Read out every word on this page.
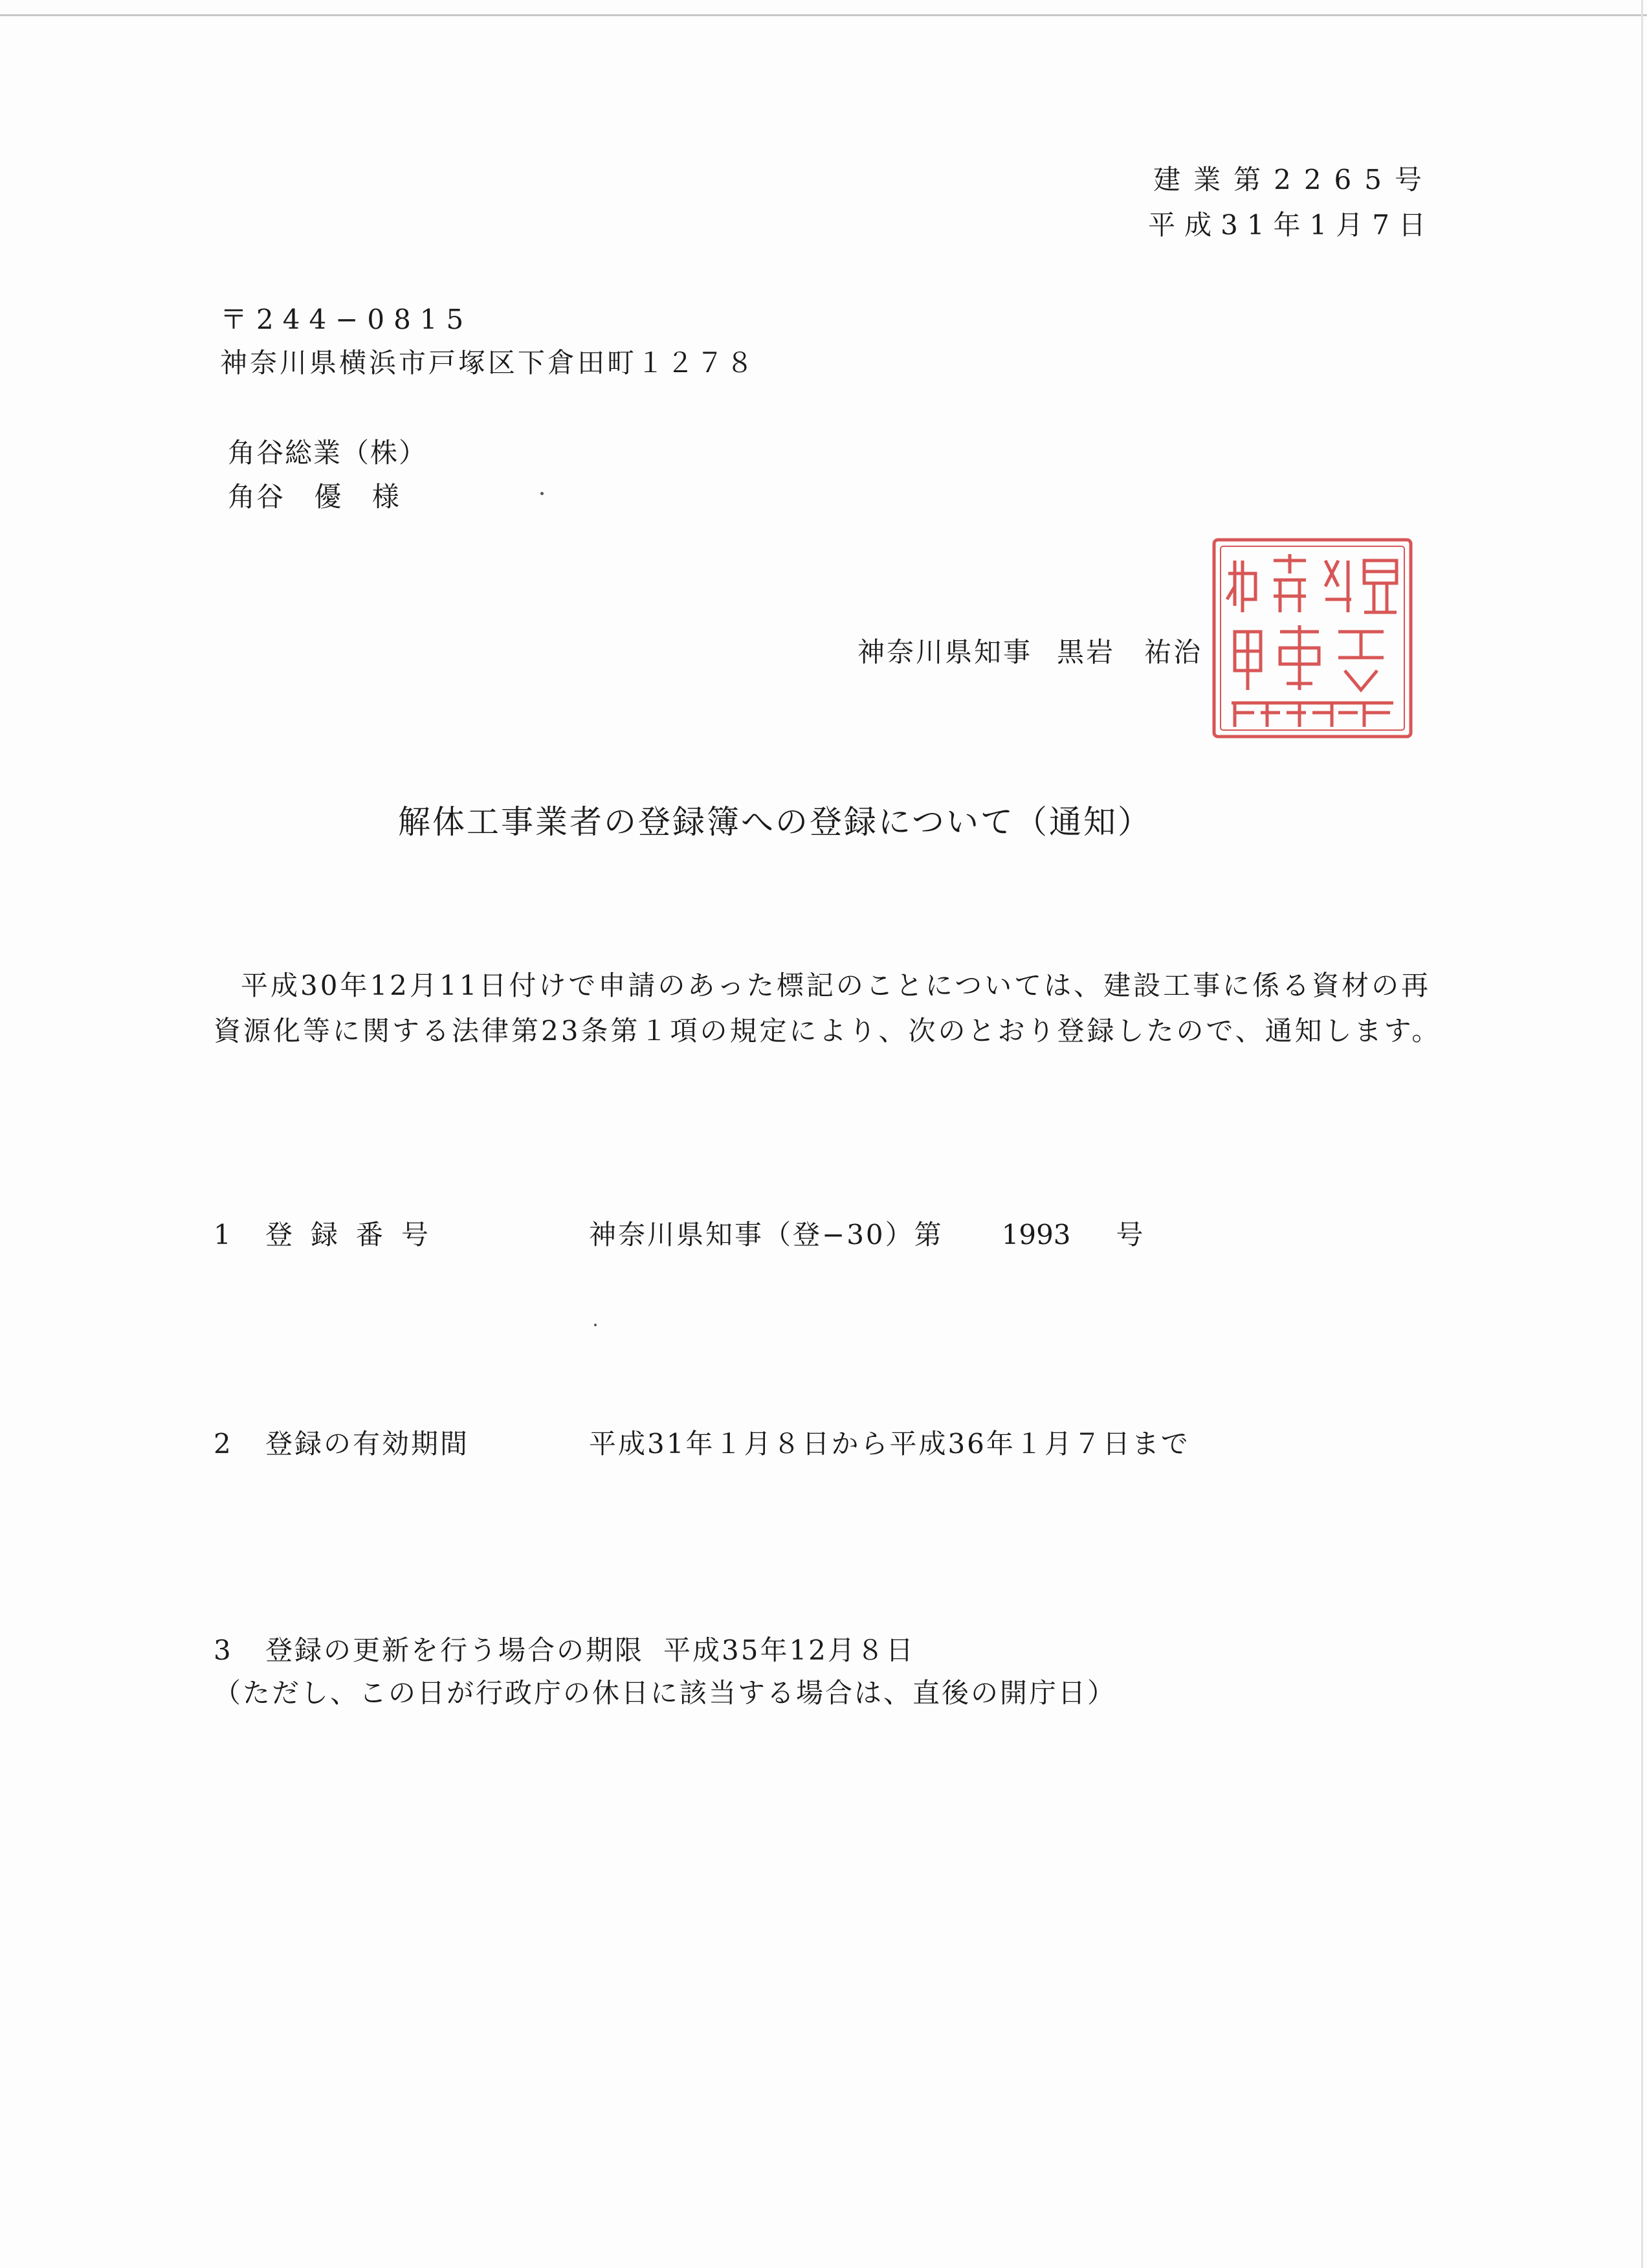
建業第2265号
平成31年1月7日
〒244−0815
神奈川県横浜市戸塚区下倉田町１２７８
角谷総業（株）
角谷 優 様
神奈川県知事 黒岩　祐治
解体工事業者の登録簿への登録について（通知）
平成30年12月11日付けで申請のあった標記のことについては、建設工事に係る資材の再資源化等に関する法律第23条第１項の規定により、次のとおり登録したので、通知します。
1 登録番号	神奈川県知事（登−30）第 1993 号
2 登録の有効期間	平成31年１月８日から平成36年１月７日まで
3 登録の更新を行う場合の期限 平成35年12月８日
（ただし、この日が行政庁の休日に該当する場合は、直後の開庁日）
